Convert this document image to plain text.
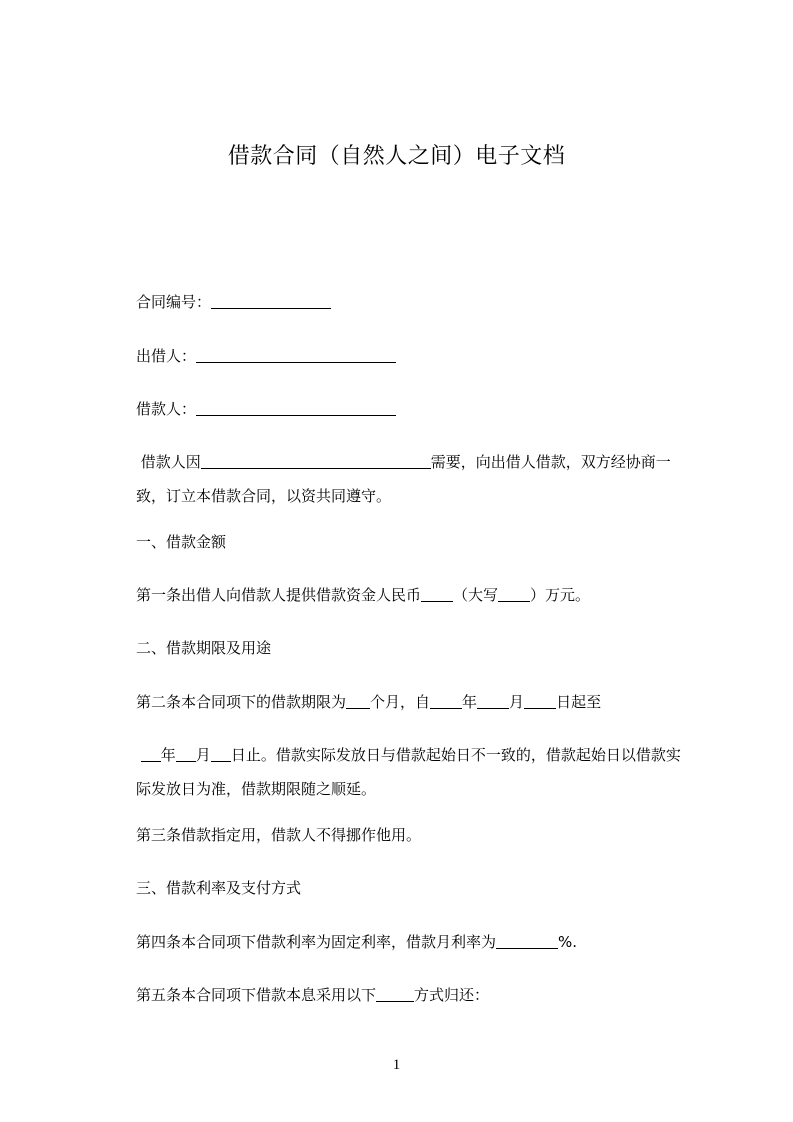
借款合同（自然人之间）电子文档
合同编号：
出借人：
借款人：
借款人因	需要，向出借人借款，双方经协商一
致，订立本借款合同，以资共同遵守。
一、借款金额
第一条出借人向借款人提供借款资金人民币 （大写 ）万元。
二、借款期限及用途
第二条本合同项下的借款期限为 个月，自 年 月 日起至
年 月 日止。借款实际发放日与借款起始日不一致的，借款起始日以借款实
际发放日为准，借款期限随之顺延。
第三条借款指定用，借款人不得挪作他用。
三、借款利率及支付方式
第四条本合同项下借款利率为固定利率，借款月利率为	%.
第五条本合同项下借款本息采用以下	方式归还：
1
